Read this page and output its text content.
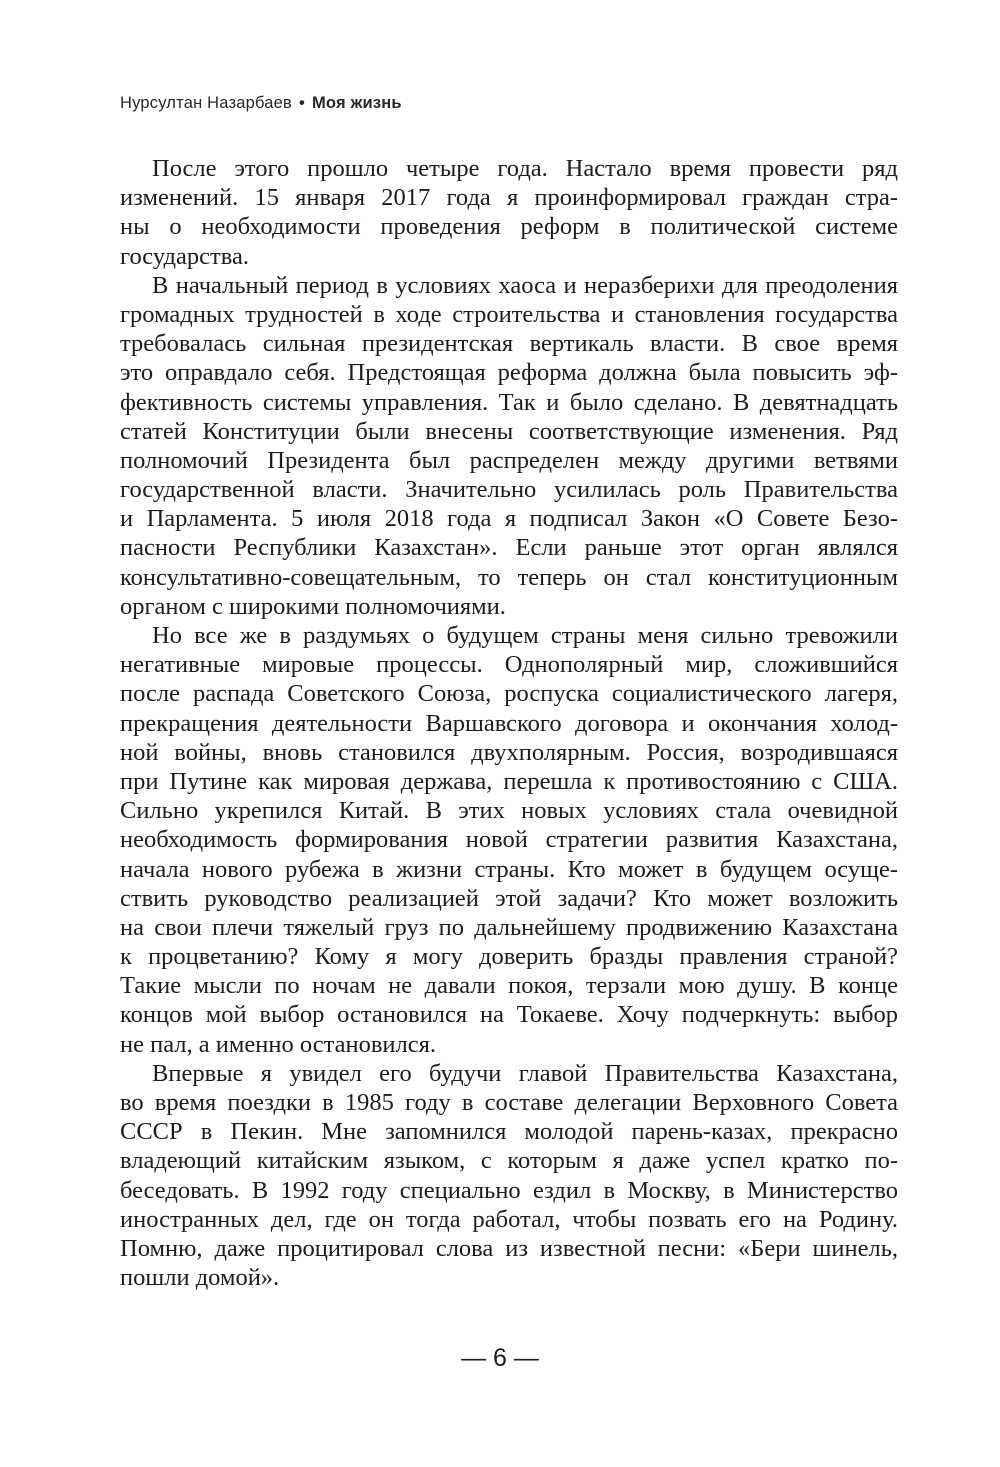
Нурсултан Назарбаев • Моя жизнь
После этого прошло четыре года. Настало время провести ряд
изменений. 15 января 2017 года я проинформировал граждан стра-
ны о необходимости проведения реформ в политической системе
государства.
В начальный период в условиях хаоса и неразберихи для преодоления
громадных трудностей в ходе строительства и становления государства
требовалась сильная президентская вертикаль власти. В свое время
это оправдало себя. Предстоящая реформа должна была повысить эф-
фективность системы управления. Так и было сделано. В девятнадцать
статей Конституции были внесены соответствующие изменения. Ряд
полномочий Президента был распределен между другими ветвями
государственной власти. Значительно усилилась роль Правительства
и Парламента. 5 июля 2018 года я подписал Закон «О Совете Безо-
пасности Республики Казахстан». Если раньше этот орган являлся
консультативно-совещательным, то теперь он стал конституционным
органом с широкими полномочиями.
Но все же в раздумьях о будущем страны меня сильно тревожили
негативные мировые процессы. Однополярный мир, сложившийся
после распада Советского Союза, роспуска социалистического лагеря,
прекращения деятельности Варшавского договора и окончания холод-
ной войны, вновь становился двухполярным. Россия, возродившаяся
при Путине как мировая держава, перешла к противостоянию с США.
Сильно укрепился Китай. В этих новых условиях стала очевидной
необходимость формирования новой стратегии развития Казахстана,
начала нового рубежа в жизни страны. Кто может в будущем осуще-
ствить руководство реализацией этой задачи? Кто может возложить
на свои плечи тяжелый груз по дальнейшему продвижению Казахстана
к процветанию? Кому я могу доверить бразды правления страной?
Такие мысли по ночам не давали покоя, терзали мою душу. В конце
концов мой выбор остановился на Токаеве. Хочу подчеркнуть: выбор
не пал, а именно остановился.
Впервые я увидел его будучи главой Правительства Казахстана,
во время поездки в 1985 году в составе делегации Верховного Совета
СССР в Пекин. Мне запомнился молодой парень-казах, прекрасно
владеющий китайским языком, с которым я даже успел кратко по-
беседовать. В 1992 году специально ездил в Москву, в Министерство
иностранных дел, где он тогда работал, чтобы позвать его на Родину.
Помню, даже процитировал слова из известной песни: «Бери шинель,
пошли домой».
— 6 —
